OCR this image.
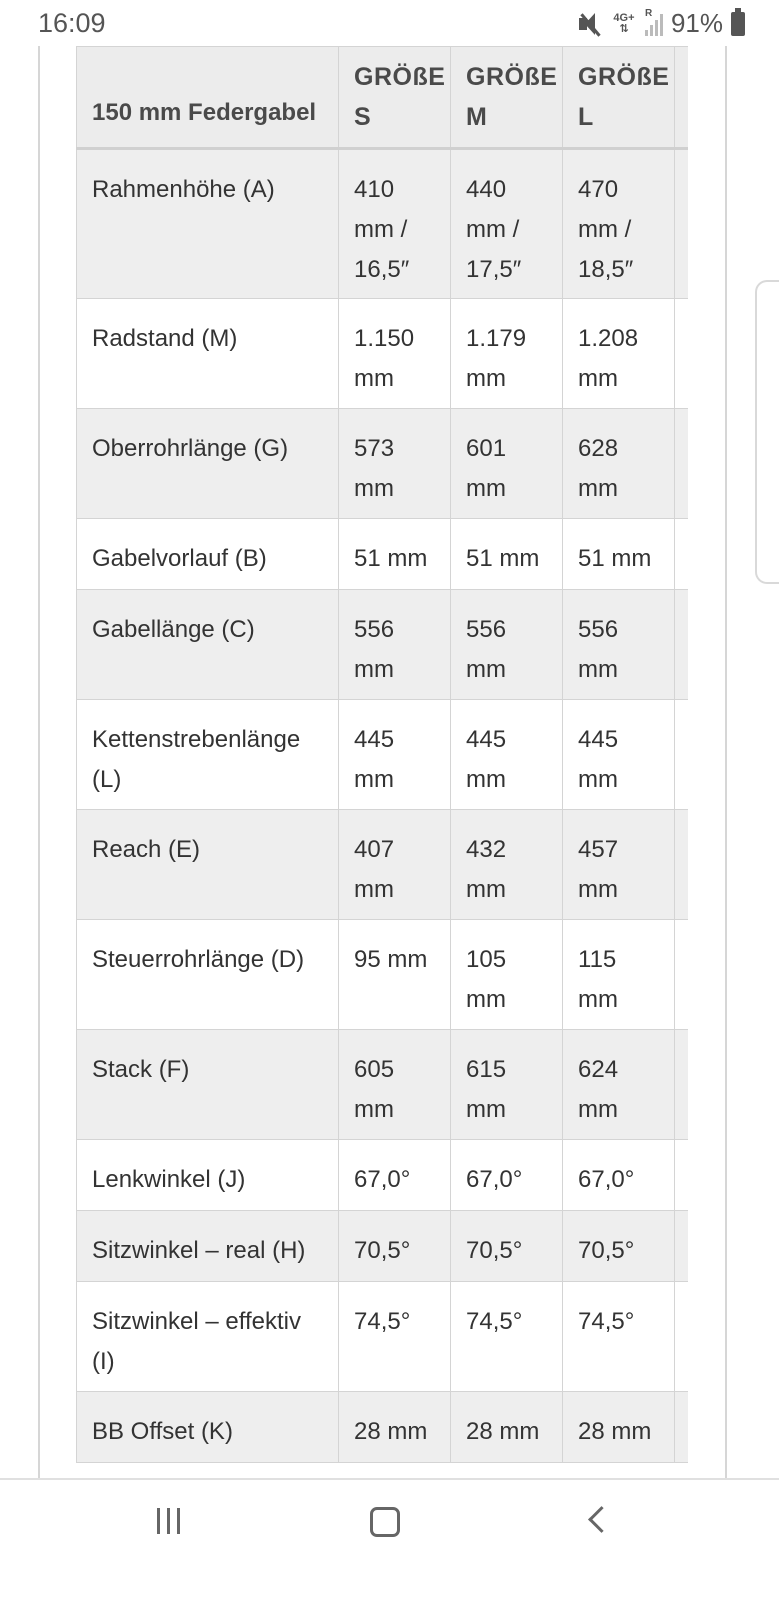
16:09	4G+
⇅
R 91%
150 mm Federgabel	GRÖßE S	GRÖßE M	GRÖßE L	
Rahmenhöhe (A)	410 mm / 16,5″	440 mm / 17,5″	470 mm / 18,5″	
Radstand (M)	1.150 mm	1.179 mm	1.208 mm	
Oberrohrlänge (G)	573 mm	601 mm	628 mm	
Gabelvorlauf (B)	51 mm	51 mm	51 mm	
Gabellänge (C)	556 mm	556 mm	556 mm	
Kettenstrebenlänge (L)	445 mm	445 mm	445 mm	
Reach (E)	407 mm	432 mm	457 mm	
Steuerrohrlänge (D)	95 mm	105 mm	115 mm	
Stack (F)	605 mm	615 mm	624 mm	
Lenkwinkel (J)	67,0°	67,0°	67,0°	
Sitzwinkel – real (H)	70,5°	70,5°	70,5°	
Sitzwinkel – effektiv (I)	74,5°	74,5°	74,5°	
BB Offset (K)	28 mm	28 mm	28 mm	
